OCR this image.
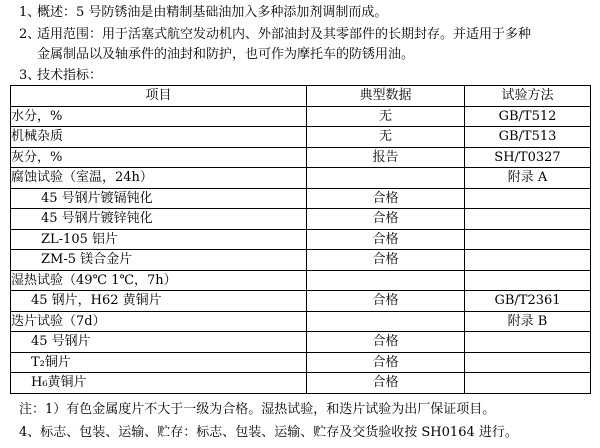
1、概述：5 号防锈油是由精制基础油加入多种添加剂调制而成。

2、适用范围：用于活塞式航空发动机内、外部油封及其零部件的长期封存。并适用于多种

金属制品以及轴承件的油封和防护，也可作为摩托车的防锈用油。

3、技术指标：

项目	典型数据	试验方法
水分，%	无	GB/T512
机械杂质	无	GB/T513
灰分，%	报告	SH/T0327
腐蚀试验（室温，24h）		附录 A
45 号钢片镀镉钝化	合格	
45 号钢片镀锌钝化	合格	
ZL-105 铝片	合格	
ZM-5 镁合金片	合格	
湿热试验（49℃ 1℃，7h）		
45 钢片，H62 黄铜片	合格	GB/T2361
迭片试验（7d）		附录 B
45 号钢片	合格	
T₂铜片	合格	
H₆黄铜片	合格	

注：1）有色金属度片不大于一级为合格。湿热试验，和迭片试验为出厂保证项目。

4、标志、包装、运输、贮存：标志、包装、运输、贮存及交货验收按 SH0164 进行。
